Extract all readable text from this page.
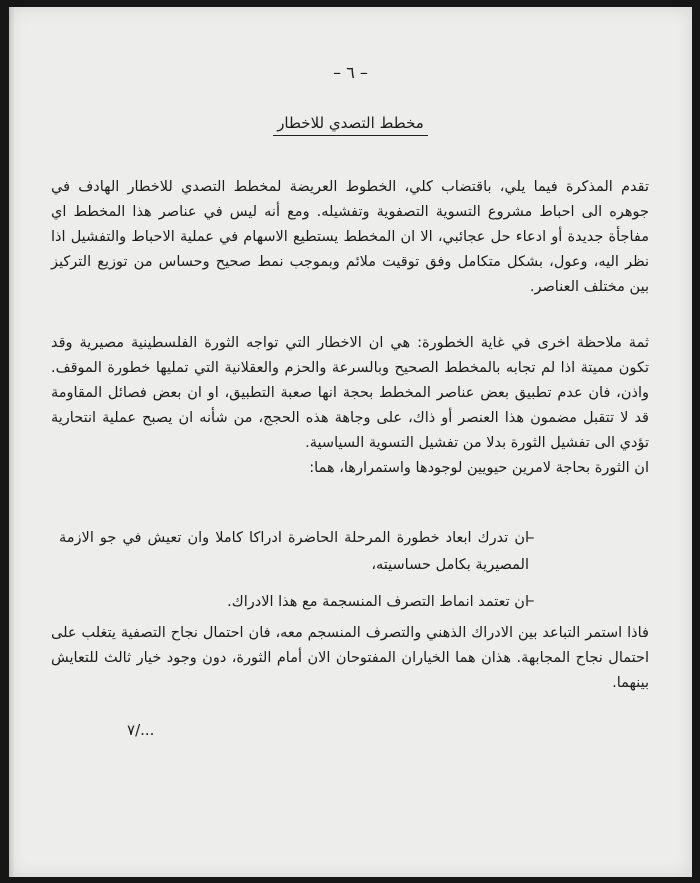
– ٦ –
مخطط التصدي للاخطار

تقدم المذكرة فيما يلي، باقتضاب كلي، الخطوط العريضة لمخطط التصدي للاخطار الهادف في جوهره الى احباط مشروع التسوية التصفوية وتفشيله. ومع أنه ليس في عناصر هذا المخطط اي مفاجأة جديدة أو ادعاء حل عجائبي، الا ان المخطط يستطيع الاسهام في عملية الاحباط والتفشيل اذا نظر اليه، وعول، بشكل متكامل وفق توقيت ملائم وبموجب نمط صحيح وحساس من توزيع التركيز بين مختلف العناصر.

ثمة ملاحظة اخرى في غاية الخطورة: هي ان الاخطار التي تواجه الثورة الفلسطينية مصيرية وقد تكون مميتة اذا لم تجابه بالمخطط الصحيح وبالسرعة والحزم والعقلانية التي تمليها خطورة الموقف. واذن، فان عدم تطبيق بعض عناصر المخطط بحجة انها صعبة التطبيق، او ان بعض فصائل المقاومة قد لا تتقبل مضمون هذا العنصر أو ذاك، على وجاهة هذه الحجج، من شأنه ان يصبح عملية انتحارية تؤدي الى تفشيل الثورة بدلا من تفشيل التسوية السياسية.
ان الثورة بحاجة لامرين حيويين لوجودها واستمرارها، هما:
–

ان تدرك ابعاد خطورة المرحلة الحاضرة ادراكا كاملا وان تعيش في جو الازمة المصيرية بكامل حساسيته،

–

ان تعتمد انماط التصرف المنسجمة مع هذا الادراك.

فاذا استمر التباعد بين الادراك الذهني والتصرف المنسجم معه، فان احتمال نجاح التصفية يتغلب على احتمال نجاح المجابهة. هذان هما الخياران المفتوحان الان أمام الثورة، دون وجود خيار ثالث للتعايش بينهما.

٧/...
